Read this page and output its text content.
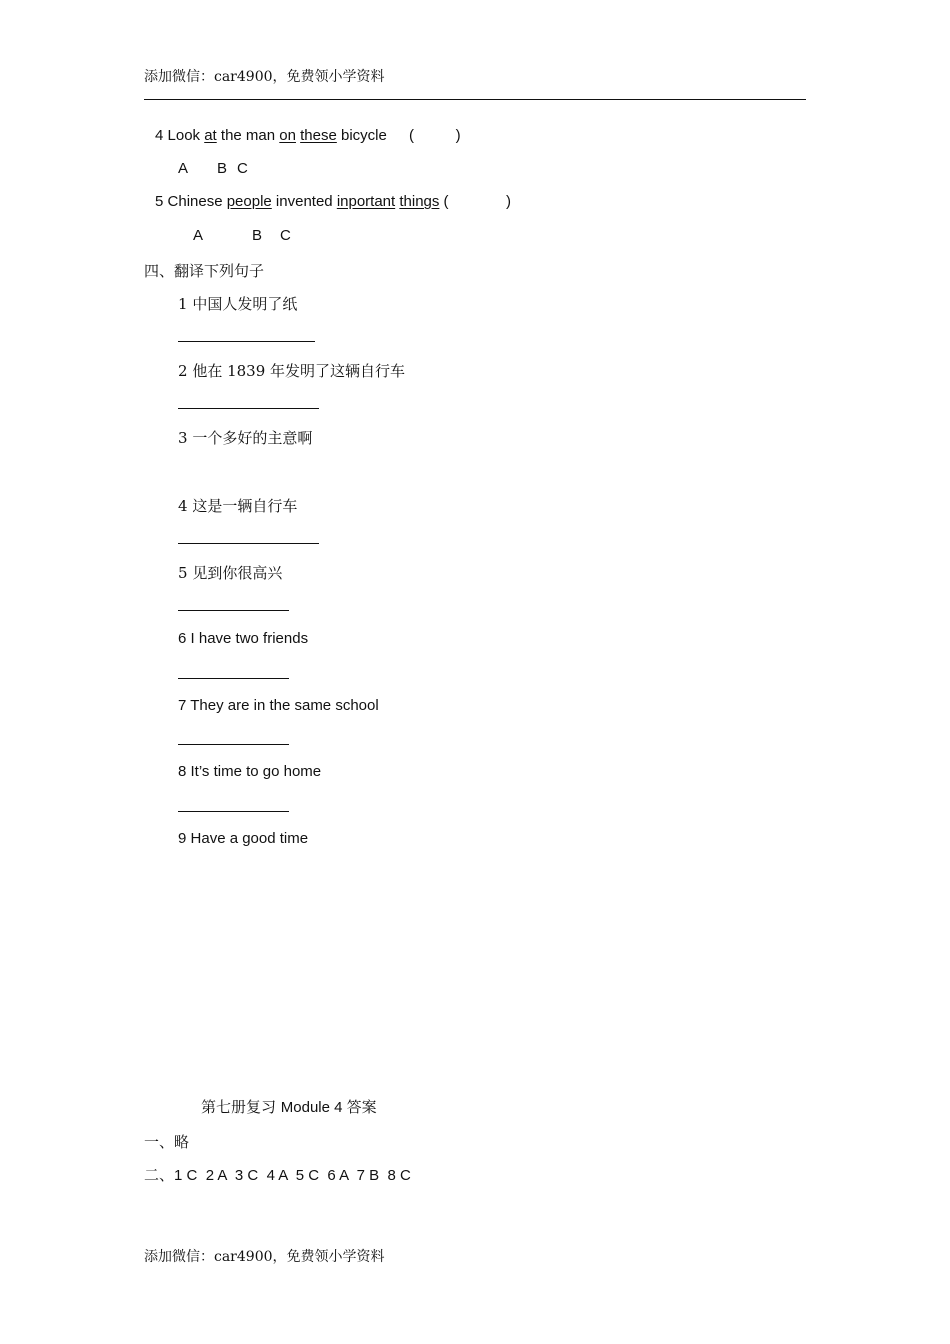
添加微信：car4900，免费领小学资料
4 Look at the man on these bicycle (          )
A B C
5 Chinese people invented inportant things (	)
A	B C
四、翻译下列句子
1 中国人发明了纸
2 他在 1839 年发明了这辆自行车
3 一个多好的主意啊
4 这是一辆自行车
5 见到你很高兴
6 I have two friends
7 They are in the same school
8 It’s time to go home
9 Have a good time
第七册复习 Module 4 答案
一、略
二、1 C  2 A  3 C  4 A  5 C  6 A  7 B  8 C
添加微信：car4900，免费领小学资料
